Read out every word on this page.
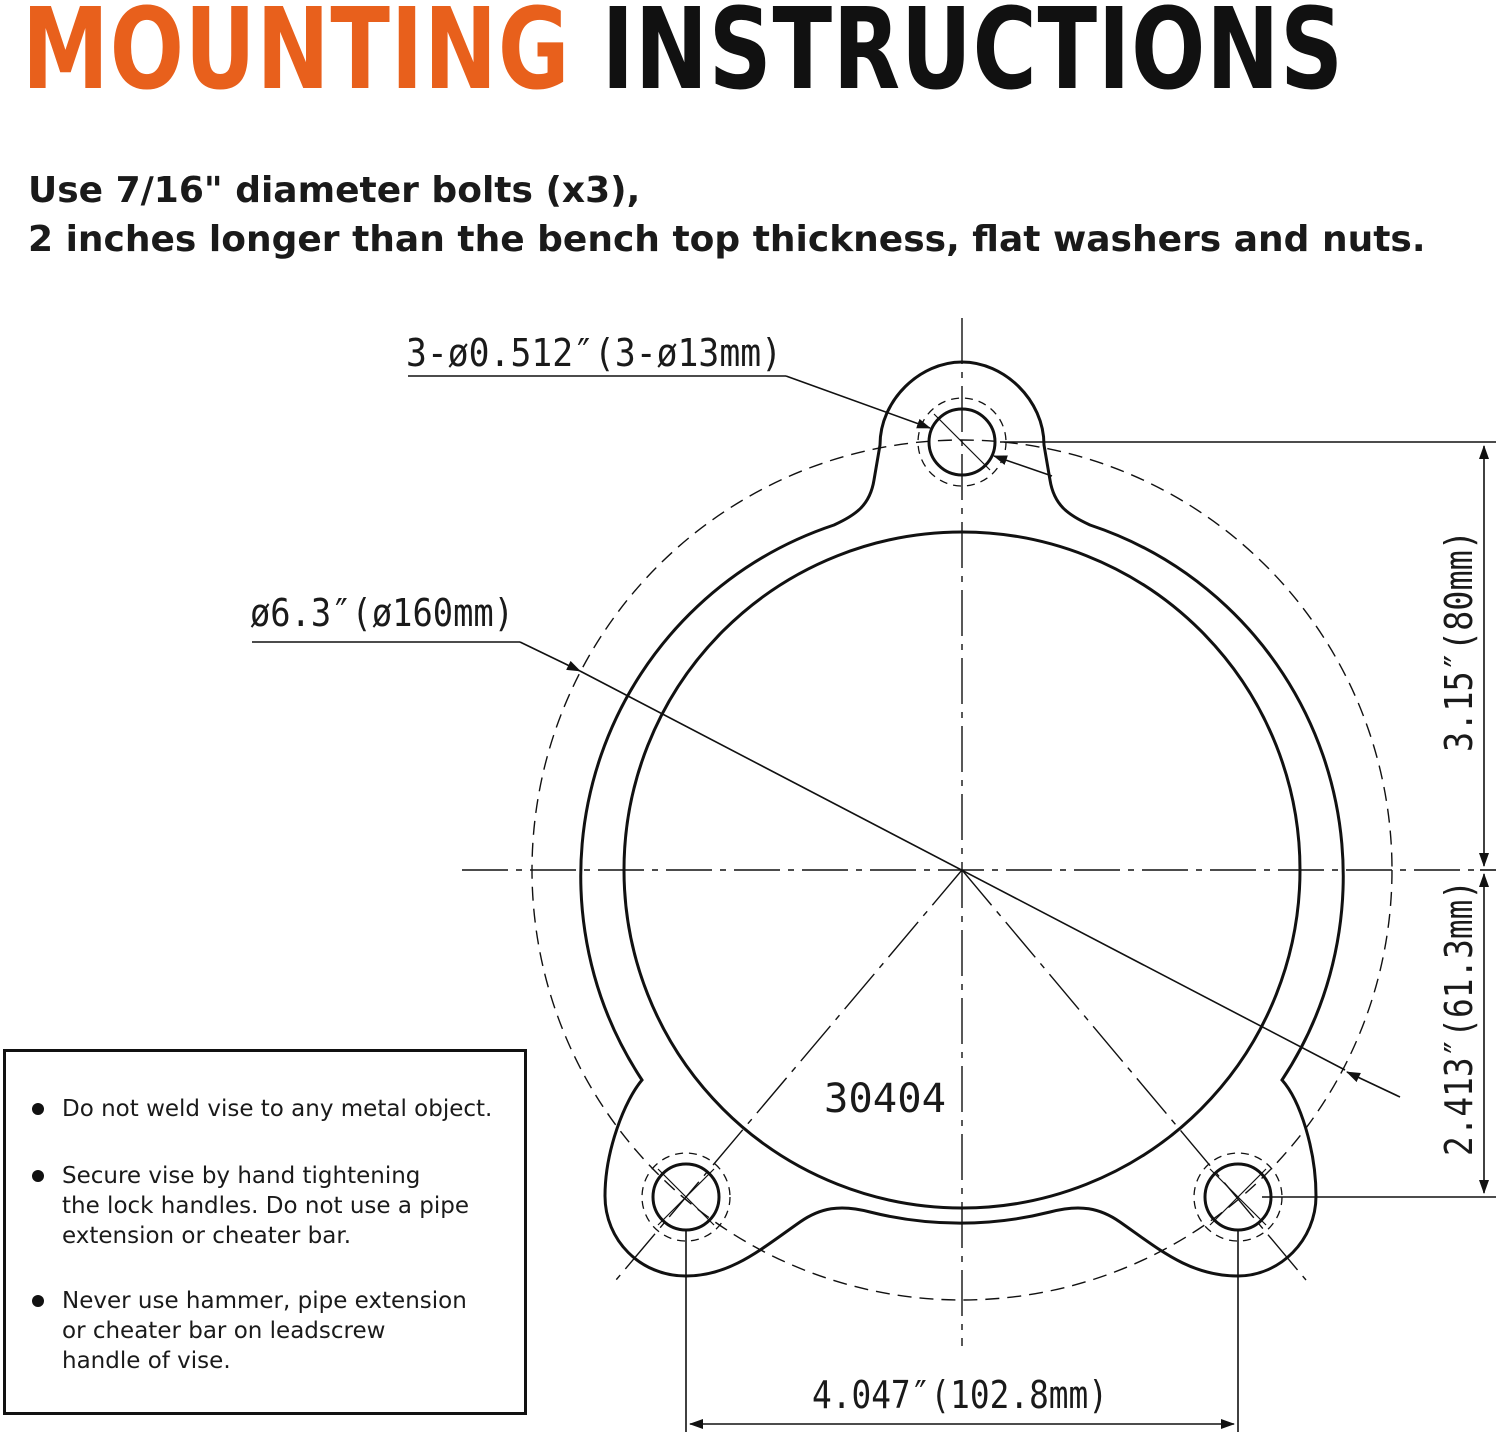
MOUNTING INSTRUCTIONS
Use 7/16" diameter bolts (x3),
2 inches longer than the bench top thickness, flat washers and nuts.
3-ø0.512″(3-ø13mm)
ø6.3″(ø160mm)	3.15″(80mm)
2.413″(61.3mm)
4.047″(102.8mm)
30404
Do not weld vise to any metal object.
Secure vise by hand tightening
the lock handles. Do not use a pipe
extension or cheater bar.
Never use hammer, pipe extension
or cheater bar on leadscrew
handle of vise.
